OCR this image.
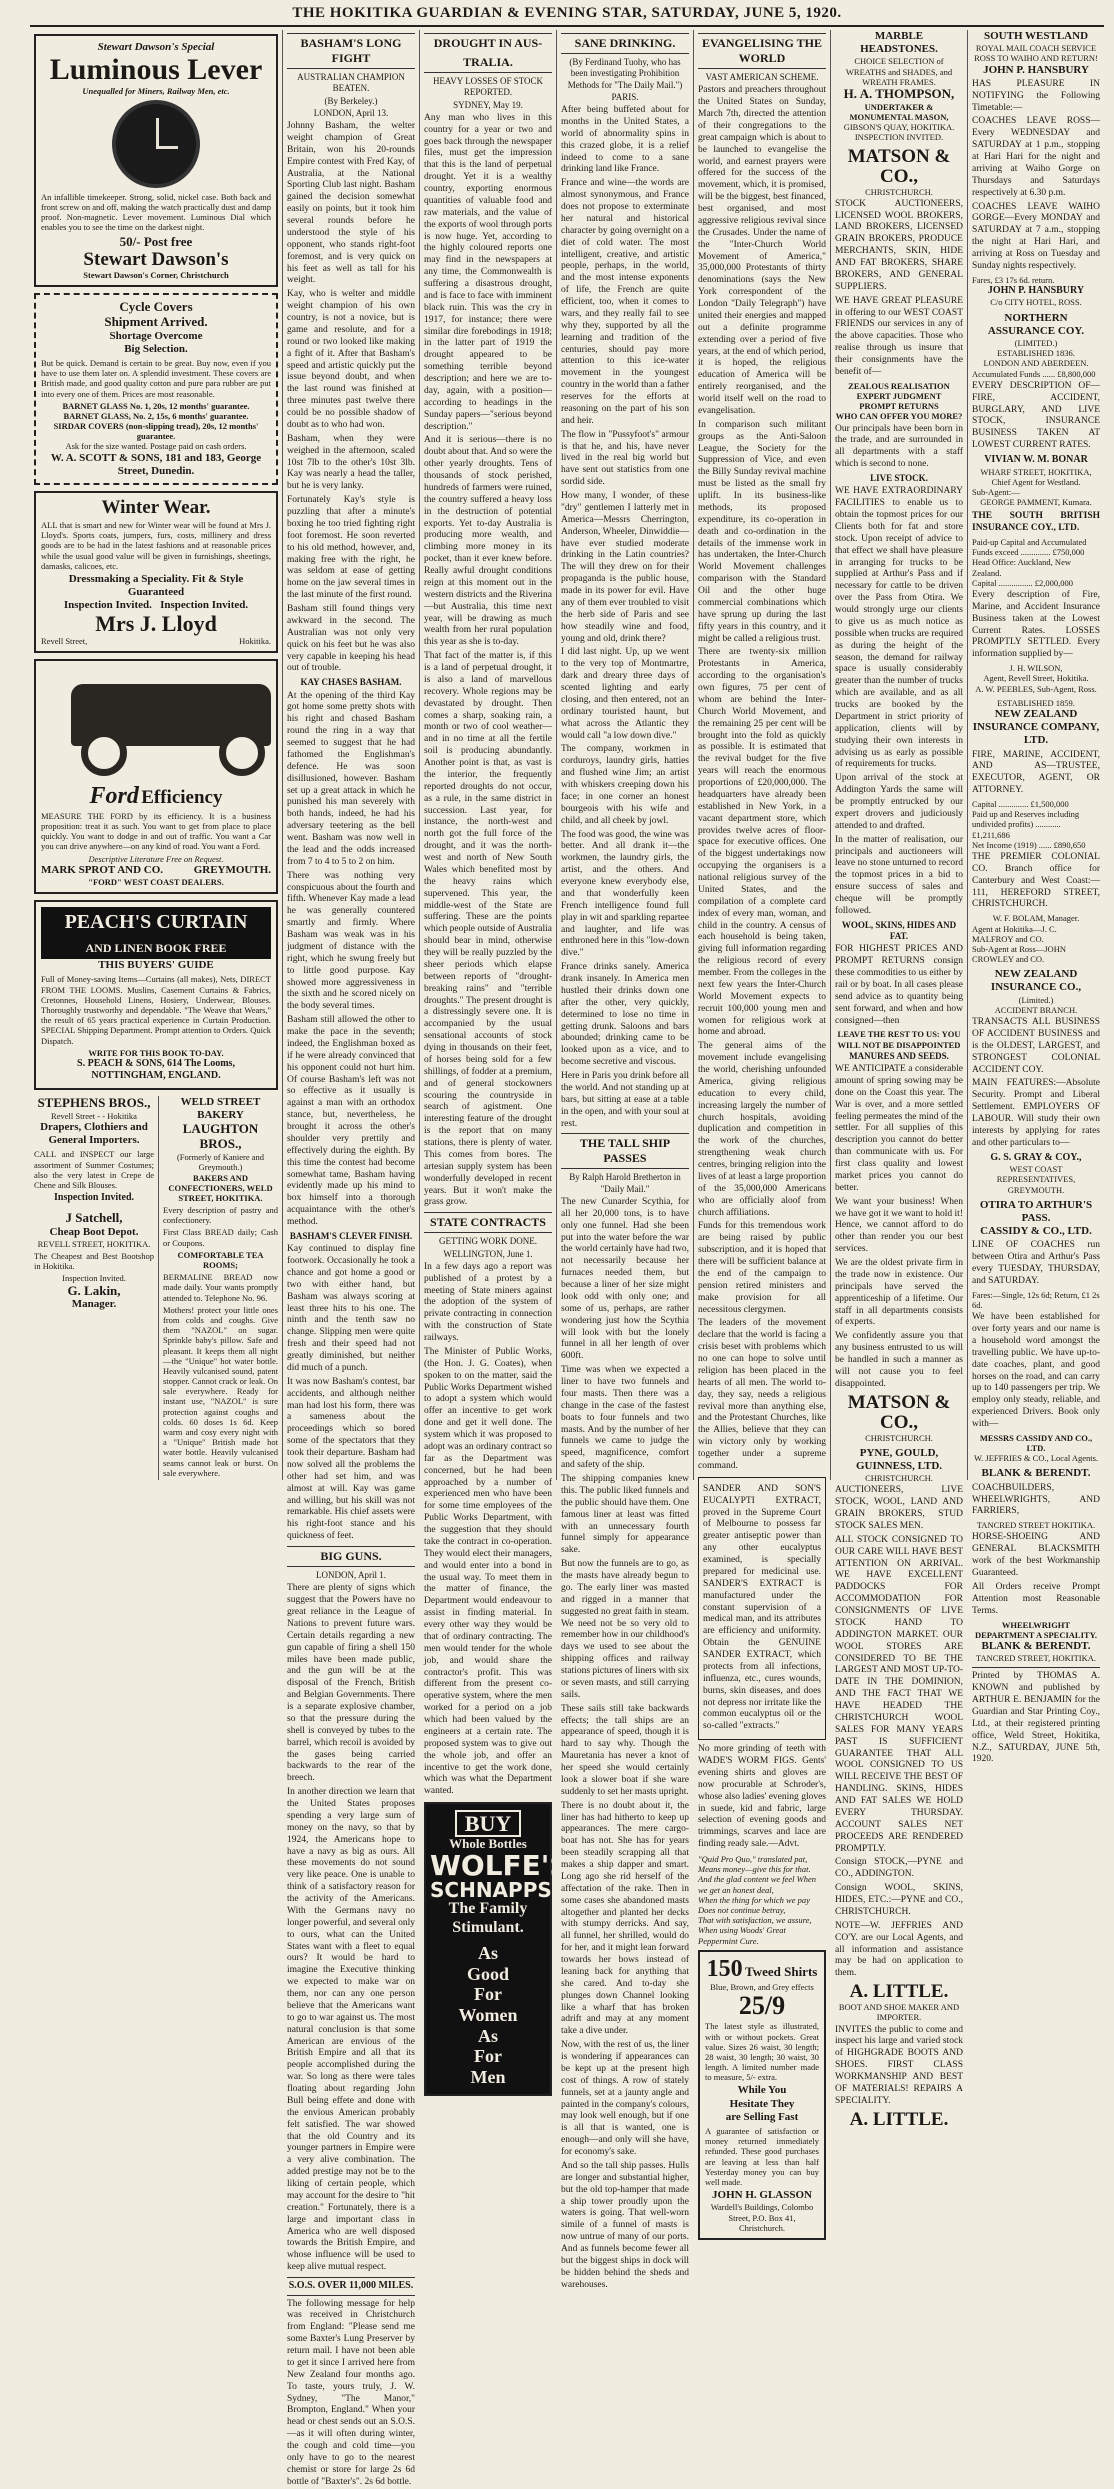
THE HOKITIKA GUARDIAN & EVENING STAR, SATURDAY, JUNE 5, 1920.
Stewart Dawson's Special
Luminous Lever
Unequalled for Miners, Railway Men, etc.
An infallible timekeeper. Strong, solid, nickel case. Both back and front screw on and off, making the watch practically dust and damp proof. Non-magnetic. Lever movement. Luminous Dial which enables you to see the time on the darkest night.
50/- Post free
Stewart Dawson's
Stewart Dawson's Corner, Christchurch
Cycle Covers
Shipment Arrived.
Shortage Overcome
Big Selection.
But be quick. Demand is certain to be great. Buy now, even if you have to use them later on. A splendid investment. These covers are British made, and good quality cotton and pure para rubber are put into every one of them. Prices are most reasonable.
BARNET GLASS No. 1, 20s, 12 months' guarantee.
BARNET GLASS, No. 2, 15s, 6 months' guarantee.
SIRDAR COVERS (non-slipping tread), 20s, 12 months' guarantee.
Ask for the size wanted. Postage paid on cash orders.
W. A. SCOTT & SONS, 181 and 183, George Street, Dunedin.
Winter Wear.
ALL that is smart and new for Winter wear will be found at Mrs J. Lloyd's. Sports coats, jumpers, furs, costs, millinery and dress goods are to be had in the latest fashions and at reasonable prices while the usual good value will be given in furnishings, sheetings, damasks, calicoes, etc.
Dressmaking a Speciality. Fit & Style Guaranteed
Inspection Invited. Inspection Invited.
Mrs J. Lloyd
Revell Street,	Hokitika.
Ford Efficiency
MEASURE THE FORD by its efficiency. It is a business proposition: treat it as such. You want to get from place to place quickly. You want to dodge in and out of traffic. You want a Car you can drive anywhere—on any kind of road. You want a Ford.
Descriptive Literature Free on Request.
MARK SPROT AND CO.	GREYMOUTH.
"FORD" WEST COAST DEALERS.
PEACH'S CURTAIN
AND LINEN BOOK FREE
THIS BUYERS' GUIDE
Full of Money-saving Items—Curtains (all makes), Nets, DIRECT FROM THE LOOMS. Muslins, Casement Curtains & Fabrics, Cretonnes, Household Linens, Hosiery, Underwear, Blouses. Thoroughly trustworthy and dependable. "The Weave that Wears," the result of 65 years practical experience in Curtain Production. SPECIAL Shipping Department. Prompt attention to Orders. Quick Dispatch.
WRITE FOR THIS BOOK TO-DAY.
S. PEACH & SONS, 614 The Looms, NOTTINGHAM, ENGLAND.
STEPHENS BROS.,
Revell Street - - Hokitika
Drapers, Clothiers and General Importers.
CALL and INSPECT our large assortment of Summer Costumes; also the very latest in Crepe de Chene and Silk Blouses.
Inspection Invited.
J Satchell,
Cheap Boot Depot.
REVELL STREET, HOKITIKA.
The Cheapest and Best Bootshop in Hokitika.
Inspection Invited.
G. Lakin,
Manager.
WELD STREET BAKERY
LAUGHTON BROS.,
(Formerly of Kaniere and Greymouth.)
BAKERS AND CONFECTIONERS, WELD STREET, HOKITIKA.
Every description of pastry and confectionery.
First Class BREAD daily; Cash or Coupons.
COMFORTABLE TEA ROOMS;
BERMALINE BREAD now made daily. Your wants promptly attended to. Telephone No. 96.
Mothers! protect your little ones from colds and coughs. Give them "NAZOL" on sugar. Sprinkle baby's pillow. Safe and pleasant. It keeps them all night—the "Unique" hot water bottle. Heavily vulcanised sound, patent stopper. Cannot crack or leak. On sale everywhere. Ready for instant use, "NAZOL" is sure protection against coughs and colds. 60 doses 1s 6d. Keep warm and cosy every night with a "Unique" British made hot water bottle. Heavily vulcanised seams cannot leak or burst. On sale everywhere.
BASHAM'S LONG FIGHT
AUSTRALIAN CHAMPION BEATEN.
(By Berkeley.)
LONDON, April 13.

Johnny Basham, the welter weight champion of Great Britain, won his 20-rounds Empire contest with Fred Kay, of Australia, at the National Sporting Club last night. Basham gained the decision somewhat easily on points, but it took him several rounds before he understood the style of his opponent, who stands right-foot foremost, and is very quick on his feet as well as tall for his weight.

Kay, who is welter and middle weight champion of his own country, is not a novice, but is game and resolute, and for a round or two looked like making a fight of it. After that Basham's speed and artistic quickly put the issue beyond doubt, and when the last round was finished at three minutes past twelve there could be no possible shadow of doubt as to who had won.

Basham, when they were weighed in the afternoon, scaled 10st 7lb to the other's 10st 3lb. Kay was nearly a head the taller, but he is very lanky.

Fortunately Kay's style is puzzling that after a minute's boxing he too tried fighting right foot foremost. He soon reverted to his old method, however, and, making free with the right, he was seldom at ease of getting home on the jaw several times in the last minute of the first round.

Basham still found things very awkward in the second. The Australian was not only very quick on his feet but he was also very capable in keeping his head out of trouble.

KAY CHASES BASHAM.

At the opening of the third Kay got home some pretty shots with his right and chased Basham round the ring in a way that seemed to suggest that he had fathomed the Englishman's defence. He was soon disillusioned, however. Basham set up a great attack in which he punished his man severely with both hands, indeed, he had his adversary teetering as the bell went. Basham was now well in the lead and the odds increased from 7 to 4 to 5 to 2 on him.

There was nothing very conspicuous about the fourth and fifth. Whenever Kay made a lead he was generally countered smartly and firmly. Where Basham was weak was in his judgment of distance with the right, which he swung freely but to little good purpose. Kay showed more aggressiveness in the sixth and he scored nicely on the body several times.

Basham still allowed the other to make the pace in the seventh; indeed, the Englishman boxed as if he were already convinced that his opponent could not hurt him. Of course Basham's left was not so effective as it usually is against a man with an orthodox stance, but, nevertheless, he brought it across the other's shoulder very prettily and effectively during the eighth. By this time the contest had become somewhat tame, Basham having evidently made up his mind to box himself into a thorough acquaintance with the other's method.

BASHAM'S CLEVER FINISH.

Kay continued to display fine footwork. Occasionally he took a chance and got home a good or two with either hand, but Basham was always scoring at least three hits to his one. The ninth and the tenth saw no change. Slipping men were quite fresh and their speed had not greatly diminished, but neither did much of a punch.

It was now Basham's contest, bar accidents, and although neither man had lost his form, there was a sameness about the proceedings which so bored some of the spectators that they took their departure. Basham had now solved all the problems the other had set him, and was almost at will. Kay was game and willing, but his skill was not remarkable. His chief assets were his right-foot stance and his quickness of feet.

BIG GUNS.
LONDON, April 1.

There are plenty of signs which suggest that the Powers have no great reliance in the League of Nations to prevent future wars. Certain details regarding a new gun capable of firing a shell 150 miles have been made public, and the gun will be at the disposal of the French, British and Belgian Governments. There is a separate explosive chamber, so that the pressure during the shell is conveyed by tubes to the barrel, which recoil is avoided by the gases being carried backwards to the rear of the breech.

In another direction we learn that the United States proposes spending a very large sum of money on the navy, so that by 1924, the Americans hope to have a navy as big as ours. All these movements do not sound very like peace. One is unable to think of a satisfactory reason for the activity of the Americans. With the Germans navy no longer powerful, and several only to ours, what can the United States want with a fleet to equal ours? It would be hard to imagine the Executive thinking we expected to make war on them, nor can any one person believe that the Americans want to go to war against us. The most natural conclusion is that some American are envious of the British Empire and all that its people accomplished during the war. So long as there were tales floating about regarding John Bull being effete and done with the envious American probably felt satisfied. The war showed that the old Country and its younger partners in Empire were a very alive combination. The added prestige may not be to the liking of certain people, which may account for the desire to "hit creation." Fortunately, there is a large and important class in America who are well disposed towards the British Empire, and whose influence will be used to keep alive mutual respect.

S.O.S. OVER 11,000 MILES.

The following message for help was received in Christchurch from England: "Please send me some Baxter's Lung Preserver by return mail. I have not been able to get it since I arrived here from New Zealand four months ago. To taste, yours truly, J. W. Sydney, "The Manor," Brompton, England." When your head or chest sends out an S.O.S.—as it will often during winter, the cough and cold time—you only have to go to the nearest chemist or store for large 2s 6d bottle of "Baxter's". 2s 6d bottle.

DROUGHT IN AUS-
TRALIA.
HEAVY LOSSES OF STOCK REPORTED.
SYDNEY, May 19.

Any man who lives in this country for a year or two and goes back through the newspaper files, must get the impression that this is the land of perpetual drought. Yet it is a wealthy country, exporting enormous quantities of valuable food and raw materials, and the value of the exports of wool through ports is now huge. Yet, according to the highly coloured reports one may find in the newspapers at any time, the Commonwealth is suffering a disastrous drought, and is face to face with imminent black ruin. This was the cry in 1917, for instance; there were similar dire forebodings in 1918; in the latter part of 1919 the drought appeared to be something terrible beyond description; and here we are to-day, again, with a position—according to headings in the Sunday papers—"serious beyond description."

And it is serious—there is no doubt about that. And so were the other yearly droughts. Tens of thousands of stock perished, hundreds of farmers were ruined, the country suffered a heavy loss in the destruction of potential exports. Yet to-day Australia is producing more wealth, and climbing more money in its pocket, than it ever knew before. Really awful drought conditions reign at this moment out in the western districts and the Riverina—but Australia, this time next year, will be drawing as much wealth from her rural population this year as she is to-day.

That fact of the matter is, if this is a land of perpetual drought, it is also a land of marvellous recovery. Whole regions may be devastated by drought. Then comes a sharp, soaking rain, a month or two of cool weather—and in no time at all the fertile soil is producing abundantly. Another point is that, as vast is the interior, the frequently reported droughts do not occur, as a rule, in the same district in succession. Last year, for instance, the north-west and north got the full force of the drought, and it was the north-west and north of New South Wales which benefited most by the heavy rains which supervened. This year, the middle-west of the State are suffering. These are the points which people outside of Australia should bear in mind, otherwise they will be really puzzled by the sheer periods which elapse between reports of "drought-breaking rains" and "terrible droughts." The present drought is a distressingly severe one. It is accompanied by the usual sensational accounts of stock dying in thousands on their feet, of horses being sold for a few shillings, of fodder at a premium, and of general stockowners scouring the countryside in search of agistment. One interesting feature of the drought is the report that on many stations, there is plenty of water. This comes from bores. The artesian supply system has been wonderfully developed in recent years. But it won't make the grass grow.

STATE CONTRACTS
GETTING WORK DONE.
WELLINGTON, June 1.

In a few days ago a report was published of a protest by a meeting of State miners against the adoption of the system of private contracting in connection with the construction of State railways.

The Minister of Public Works, (the Hon. J. G. Coates), when spoken to on the matter, said the Public Works Department wished to adopt a system which would offer an incentive to get work done and get it well done. The system which it was proposed to adopt was an ordinary contract so far as the Department was concerned, but he had been approached by a number of experienced men who have been for some time employees of the Public Works Department, with the suggestion that they should take the contract in co-operation. They would elect their managers, and would enter into a bond in the usual way. To meet them in the matter of finance, the Department would endeavour to assist in finding material. In every other way they would be that of ordinary contracting. The men would tender for the whole job, and would share the contractor's profit. This was different from the present co-operative system, where the men worked for a period on a job which had been valued by the engineers at a certain rate. The proposed system was to give out the whole job, and offer an incentive to get the work done, which was what the Department wanted.

BUY
Whole Bottles
WOLFE'S
SCHNAPPS
The Family
Stimulant.
As
Good
For
Women
As
For
Men
SANE DRINKING.
(By Ferdinand Tuohy, who has been investigating Prohibition Methods for "The Daily Mail.")
PARIS.

After being buffeted about for months in the United States, a world of abnormality spins in this crazed globe, it is a relief indeed to come to a sane drinking land like France.

France and wine—the words are almost synonymous, and France does not propose to exterminate her natural and historical character by going overnight on a diet of cold water. The most intelligent, creative, and artistic people, perhaps, in the world, and the most intense exponents of life, the French are quite efficient, too, when it comes to wars, and they really fail to see why they, supported by all the learning and tradition of the centuries, should pay more attention to this ice-water movement in the youngest country in the world than a father reserves for the efforts at reasoning on the part of his son and heir.

The flow in "Pussyfoot's" armour is that he, and his, have never lived in the real big world but have sent out statistics from one sordid side.

How many, I wonder, of these "dry" gentlemen I latterly met in America—Messrs Cherrington, Anderson, Wheeler, Dinwiddie—have ever studied moderate drinking in the Latin countries? The will they drew on for their propaganda is the public house, made in its power for evil. Have any of them ever troubled to visit the herb side of Paris and see how steadily wine and food, young and old, drink there?

I did last night. Up, up we went to the very top of Montmartre, dark and dreary three days of scented lighting and early closing, and then entered, not an ordinary touristed haunt, but what across the Atlantic they would call "a low down dive."

The company, workmen in corduroys, laundry girls, hatties and flushed wine Jim; an artist with whiskers creeping down his face; in one corner an honest bourgeois with his wife and child, and all cheek by jowl.

The food was good, the wine was better. And all drank it—the workmen, the laundry girls, the artist, and the others. And everyone knew everybody else, and that wonderfully keen French intelligence found full play in wit and sparkling repartee and laughter, and life was enthroned here in this "low-down dive."

France drinks sanely. America drank insanely. In America men hustled their drinks down one after the other, very quickly, determined to lose no time in getting drunk. Saloons and bars abounded; drinking came to be looked upon as a vice, and to become secretive and viscous.

Here in Paris you drink before all the world. And not standing up at bars, but sitting at ease at a table in the open, and with your soul at rest.

THE TALL SHIP PASSES
By Ralph Harold Bretherton in "Daily Mail."

The new Cunarder Scythia, for all her 20,000 tons, is to have only one funnel. Had she been put into the water before the war the world certainly have had two, not necessarily because her furnaces needed them, but because a liner of her size might look odd with only one; and some of us, perhaps, are rather wondering just how the Scythia will look with but the lonely funnel in all her length of over 600ft.

Time was when we expected a liner to have two funnels and four masts. Then there was a change in the case of the fastest boats to four funnels and two masts. And by the number of her funnels we came to judge the speed, magnificence, comfort and safety of the ship.

The shipping companies knew this. The public liked funnels and the public should have them. One famous liner at least was fitted with an unnecessary fourth funnel simply for appearance sake.

But now the funnels are to go, as the masts have already begun to go. The early liner was masted and rigged in a manner that suggested no great faith in steam. We need not be so very old to remember how in our childhood's days we used to see about the shipping offices and railway stations pictures of liners with six or seven masts, and still carrying sails.

These sails still take backwards effects; the tall ships are an appearance of speed, though it is hard to say why. Though the Mauretania has never a knot of her speed she would certainly look a slower boat if she ware suddenly to set her masts upright.

There is no doubt about it, the liner has had hitherto to keep up appearances. The mere cargo-boat has not. She has for years been steadily scrapping all that makes a ship dapper and smart. Long ago she rid herself of the affectation of the rake. Then in some cases she abandoned masts altogether and planted her decks with stumpy derricks. And say, all funnel, her shrilled, would do for her, and it might lean forward towards her bows instead of leaning back for anything that she cared. And to-day she plunges down Channel looking like a wharf that has broken adrift and may at any moment take a dive under.

Now, with the rest of us, the liner is wondering if appearances can be kept up at the present high cost of things. A row of stately funnels, set at a jaunty angle and painted in the company's colours, may look well enough, but if one is all that is wanted, one is enough—and only will she have, for economy's sake.

And so the tall ship passes. Hulls are longer and substantial higher, but the old top-hamper that made a ship tower proudly upon the waters is going. That well-worn simile of a funnel of masts is now untrue of many of our ports. And as funnels become fewer all but the biggest ships in dock will be hidden behind the sheds and warehouses.

EVANGELISING THE WORLD
VAST AMERICAN SCHEME.

Pastors and preachers throughout the United States on Sunday, March 7th, directed the attention of their congregations to the great campaign which is about to be launched to evangelise the world, and earnest prayers were offered for the success of the movement, which, it is promised, will be the biggest, best financed, best organised, and most aggressive religious revival since the Crusades. Under the name of the "Inter-Church World Movement of America," 35,000,000 Protestants of thirty denominations (says the New York correspondent of the London "Daily Telegraph") have united their energies and mapped out a definite programme extending over a period of five years, at the end of which period, it is hoped, the religious education of America will be entirely reorganised, and the world itself well on the road to evangelisation.

In comparison such militant groups as the Anti-Saloon League, the Society for the Suppression of Vice, and even the Billy Sunday revival machine must be listed as the small fry uplift. In its business-like methods, its proposed expenditure, its co-operation in death and co-ordination in the details of the immense work in has undertaken, the Inter-Church World Movement challenges comparison with the Standard Oil and the other huge commercial combinations which have sprung up during the last fifty years in this country, and it might be called a religious trust.

There are twenty-six million Protestants in America, according to the organisation's own figures, 75 per cent of whom are behind the Inter-Church World Movement, and the remaining 25 per cent will be brought into the fold as quickly as possible. It is estimated that the revival budget for the five years will reach the enormous proportions of £20,000,000. The headquarters have already been established in New York, in a vacant department store, which provides twelve acres of floor-space for executive offices. One of the biggest undertakings now occupying the organisers is a national religious survey of the United States, and the compilation of a complete card index of every man, woman, and child in the country. A census of each household is being taken, giving full information regarding the religious record of every member. From the colleges in the next few years the Inter-Church World Movement expects to recruit 100,000 young men and women for religious work at home and abroad.

The general aims of the movement include evangelising the world, cherishing unfounded America, giving religious education to every child, increasing largely the number of church hospitals, avoiding duplication and competition in the work of the churches, strengthening weak church centres, bringing religion into the lives of at least a large proportion of the 35,000,000 Americans who are officially aloof from church affiliations.

Funds for this tremendous work are being raised by public subscription, and it is hoped that there will be sufficient balance at the end of the campaign to pension retired ministers and make provision for all necessitous clergymen.

The leaders of the movement declare that the world is facing a crisis beset with problems which no one can hope to solve until religion has been placed in the hearts of all men. The world to-day, they say, needs a religious revival more than anything else, and the Protestant Churches, like the Allies, believe that they can win victory only by working together under a supreme command.

SANDER AND SON'S EUCALYPTI EXTRACT, proved in the Supreme Court of Melbourne to possess far greater antiseptic power than any other eucalyptus examined, is specially prepared for medicinal use. SANDER'S EXTRACT is manufactured under the constant supervision of a medical man, and its attributes are efficiency and uniformity. Obtain the GENUINE SANDER EXTRACT, which protects from all infections, influenza, etc., cures wounds, burns, skin diseases, and does not depress nor irritate like the common eucalyptus oil or the so-called "extracts."

No more grinding of teeth with WADE'S WORM FIGS. Gents' evening shirts and gloves are now procurable at Schroder's, whose also ladies' evening gloves in suede, kid and fabric, large selection of evening goods and trimmings, scarves and lace are finding ready sale.—Advt.

"Quid Pro Quo," translated pat, Means money—give this for that.
And the glad content we feel When we get an honest deal,
When the thing for which we pay Does not continue betray,
That with satisfaction, we assure, When using Woods' Great Peppermint Cure.
150 Tweed Shirts
Blue, Brown, and Grey effects
25/9
The latest style as illustrated, with or without pockets. Great value. Sizes 26 waist, 30 length; 28 waist, 30 length; 30 waist, 30 length. A limited number made to measure, 5/- extra.
While You
Hesitate They
are Selling Fast
A guarantee of satisfaction or money returned immediately refunded. These good purchases are leaving at less than half Yesterday money you can buy well made.
JOHN H. GLASSON
Wardell's Buildings, Colombo Street, P.O. Box 41, Christchurch.
MARBLE HEADSTONES.
CHOICE SELECTION of WREATHS and SHADES, and WREATH FRAMES.
H. A. THOMPSON,
UNDERTAKER & MONUMENTAL MASON,
GIBSON'S QUAY, HOKITIKA.
INSPECTION INVITED.
MATSON & CO.,
CHRISTCHURCH.

STOCK AUCTIONEERS, LICENSED WOOL BROKERS, LAND BROKERS, LICENSED GRAIN BROKERS, PRODUCE MERCHANTS, SKIN, HIDE AND FAT BROKERS, SHARE BROKERS, AND GENERAL SUPPLIERS.

WE HAVE GREAT PLEASURE in offering to our WEST COAST FRIENDS our services in any of the above capacities. Those who realise through us insure that their consignments have the benefit of—

ZEALOUS REALISATION
EXPERT JUDGMENT
PROMPT RETURNS
WHO CAN OFFER YOU MORE?

Our principals have been born in the trade, and are surrounded in all departments with a staff which is second to none.

LIVE STOCK.

WE HAVE EXTRAORDINARY FACILITIES to enable us to obtain the topmost prices for our Clients both for fat and store stock. Upon receipt of advice to that effect we shall have pleasure in arranging for trucks to be supplied at Arthur's Pass and if necessary for cattle to be driven over the Pass from Otira. We would strongly urge our clients to give us as much notice as possible when trucks are required as during the height of the season, the demand for railway space is usually considerably greater than the number of trucks which are available, and as all trucks are booked by the Department in strict priority of application, clients will by studying their own interests in advising us as early as possible of requirements for trucks.

Upon arrival of the stock at Addington Yards the same will be promptly entrucked by our expert drovers and judiciously attended to and drafted.

In the matter of realisation, our principals and auctioneers will leave no stone unturned to record the topmost prices in a bid to ensure success of sales and cheque will be promptly followed.

WOOL, SKINS, HIDES AND FAT.

FOR HIGHEST PRICES AND PROMPT RETURNS consign these commodities to us either by rail or by boat. In all cases please send advice as to quantity being sent forward, and when and how consigned—then

LEAVE THE REST TO US: YOU
WILL NOT BE DISAPPOINTED
MANURES AND SEEDS.

WE ANTICIPATE a considerable amount of spring sowing may be done on the Coast this year. The War is over, and a more settled feeling permeates the mind of the settler. For all supplies of this description you cannot do better than communicate with us. For first class quality and lowest market prices you cannot do better.

We want your business! When we have got it we want to hold it! Hence, we cannot afford to do other than render you our best services.

We are the oldest private firm in the trade now in existence. Our principals have served the apprenticeship of a lifetime. Our staff in all departments consists of experts.

We confidently assure you that any business entrusted to us will be handled in such a manner as will not cause you to feel disappointed.

MATSON & CO.,
CHRISTCHURCH.
PYNE, GOULD, GUINNESS, LTD.
CHRISTCHURCH.

AUCTIONEERS, LIVE STOCK, WOOL, LAND AND GRAIN BROKERS, STUD STOCK SALES MEN.

ALL STOCK CONSIGNED TO OUR CARE WILL HAVE BEST ATTENTION ON ARRIVAL. WE HAVE EXCELLENT PADDOCKS FOR ACCOMMODATION FOR CONSIGNMENTS OF LIVE STOCK HAND TO ADDINGTON MARKET. OUR WOOL STORES ARE CONSIDERED TO BE THE LARGEST AND MOST UP-TO-DATE IN THE DOMINION, AND THE FACT THAT WE HAVE HEADED THE CHRISTCHURCH WOOL SALES FOR MANY YEARS PAST IS SUFFICIENT GUARANTEE THAT ALL WOOL CONSIGNED TO US WILL RECEIVE THE BEST OF HANDLING. SKINS, HIDES AND FAT SALES WE HOLD EVERY THURSDAY. ACCOUNT SALES NET PROCEEDS ARE RENDERED PROMPTLY.

Consign STOCK,—PYNE and CO., ADDINGTON.

Consign WOOL, SKINS, HIDES, ETC.:—PYNE and CO., CHRISTCHURCH.

NOTE—W. JEFFRIES AND CO'Y. are our Local Agents, and all information and assistance may be had on application to them.

A. LITTLE.
BOOT AND SHOE MAKER AND IMPORTER.

INVITES the public to come and inspect his large and varied stock of HIGHGRADE BOOTS AND SHOES. FIRST CLASS WORKMANSHIP AND BEST OF MATERIALS! REPAIRS A SPECIALITY.

A. LITTLE.
SOUTH WESTLAND
ROYAL MAIL COACH SERVICE
ROSS TO WAIHO AND RETURN!
JOHN P. HANSBURY

HAS PLEASURE IN NOTIFYING the Following Timetable:—

COACHES LEAVE ROSS—Every WEDNESDAY and SATURDAY at 1 p.m., stopping at Hari Hari for the night and arriving at Waiho Gorge on Thursdays and Saturdays respectively at 6.30 p.m.

COACHES LEAVE WAIHO GORGE—Every MONDAY and SATURDAY at 7 a.m., stopping the night at Hari Hari, and arriving at Ross on Tuesday and Sunday nights respectively.

Fares, £3 17s 6d. return.
JOHN P. HANSBURY
C/o CITY HOTEL, ROSS.
NORTHERN ASSURANCE COY.
(LIMITED.)
ESTABLISHED 1836.
LONDON AND ABERDEEN.
Accumulated Funds ...... £8,800,000

EVERY DESCRIPTION OF—FIRE, ACCIDENT, BURGLARY, AND LIVE STOCK, INSURANCE BUSINESS TAKEN AT LOWEST CURRENT RATES.

VIVIAN W. M. BONAR
WHARF STREET, HOKITIKA,
Chief Agent for Westland.
Sub-Agent:—
GEORGE PAMMENT, Kumara.

THE SOUTH BRITISH INSURANCE COY., LTD.

Paid-up Capital and Accumulated Funds exceed .............. £750,000
Head Office: Auckland, New Zealand.
Capital ................ £2,000,000

Every description of Fire, Marine, and Accident Insurance Business taken at the Lowest Current Rates. LOSSES PROMPTLY SETTLED. Every information supplied by—

J. H. WILSON,
Agent, Revell Street, Hokitika.
A. W. PEEBLES, Sub-Agent, Ross.
ESTABLISHED 1859.
NEW ZEALAND INSURANCE COMPANY, LTD.

FIRE, MARINE, ACCIDENT, AND AS—TRUSTEE, EXECUTOR, AGENT, OR ATTORNEY.

Capital .............. £1,500,000
Paid up and Reserves including undivided profits) ............ £1,211,686
Net Income (1919) ...... £890,650

THE PREMIER COLONIAL CO. Branch office for Canterbury and West Coast:— 111, HEREFORD STREET, CHRISTCHURCH.

W. F. BOLAM, Manager.
Agent at Hokitika—J. C. MALFROY and CO.
Sub-Agent at Ross—JOHN CROWLEY and CO.
NEW ZEALAND INSURANCE CO.,
(Limited.)
ACCIDENT BRANCH.

TRANSACTS ALL BUSINESS OF ACCIDENT BUSINESS and is the OLDEST, LARGEST, and STRONGEST COLONIAL ACCIDENT COY.

MAIN FEATURES:—Absolute Security. Prompt and Liberal Settlement. EMPLOYERS OF LABOUR. Will study their own interests by applying for rates and other particulars to—

G. S. GRAY & COY.,
WEST COAST REPRESENTATIVES, GREYMOUTH.
OTIRA TO ARTHUR'S PASS.
CASSIDY & CO., LTD.

LINE OF COACHES run between Otira and Arthur's Pass every TUESDAY, THURSDAY, and SATURDAY.

Fares:—Single, 12s 6d; Return, £1 2s 6d.

We have been established for over forty years and our name is a household word amongst the travelling public. We have up-to-date coaches, plant, and good horses on the road, and can carry up to 140 passengers per trip. We employ only steady, reliable, and experienced Drivers. Book only with—

MESSRS CASSIDY AND CO., LTD.
W. JEFFRIES & CO., Local Agents.
BLANK & BERENDT.

COACHBUILDERS, WHEELWRIGHTS, AND FARRIERS,

TANCRED STREET HOKITIKA.

HORSE-SHOEING AND GENERAL BLACKSMITH work of the best Workmanship Guaranteed.

All Orders receive Prompt Attention most Reasonable Terms.

WHEELWRIGHT DEPARTMENT A SPECIALITY.
BLANK & BERENDT.
TANCRED STREET, HOKITIKA.

Printed by THOMAS A. KNOWN and published by ARTHUR E. BENJAMIN for the Guardian and Star Printing Coy., Ltd., at their registered printing office, Weld Street, Hokitika, N.Z., SATURDAY, JUNE 5th, 1920.
